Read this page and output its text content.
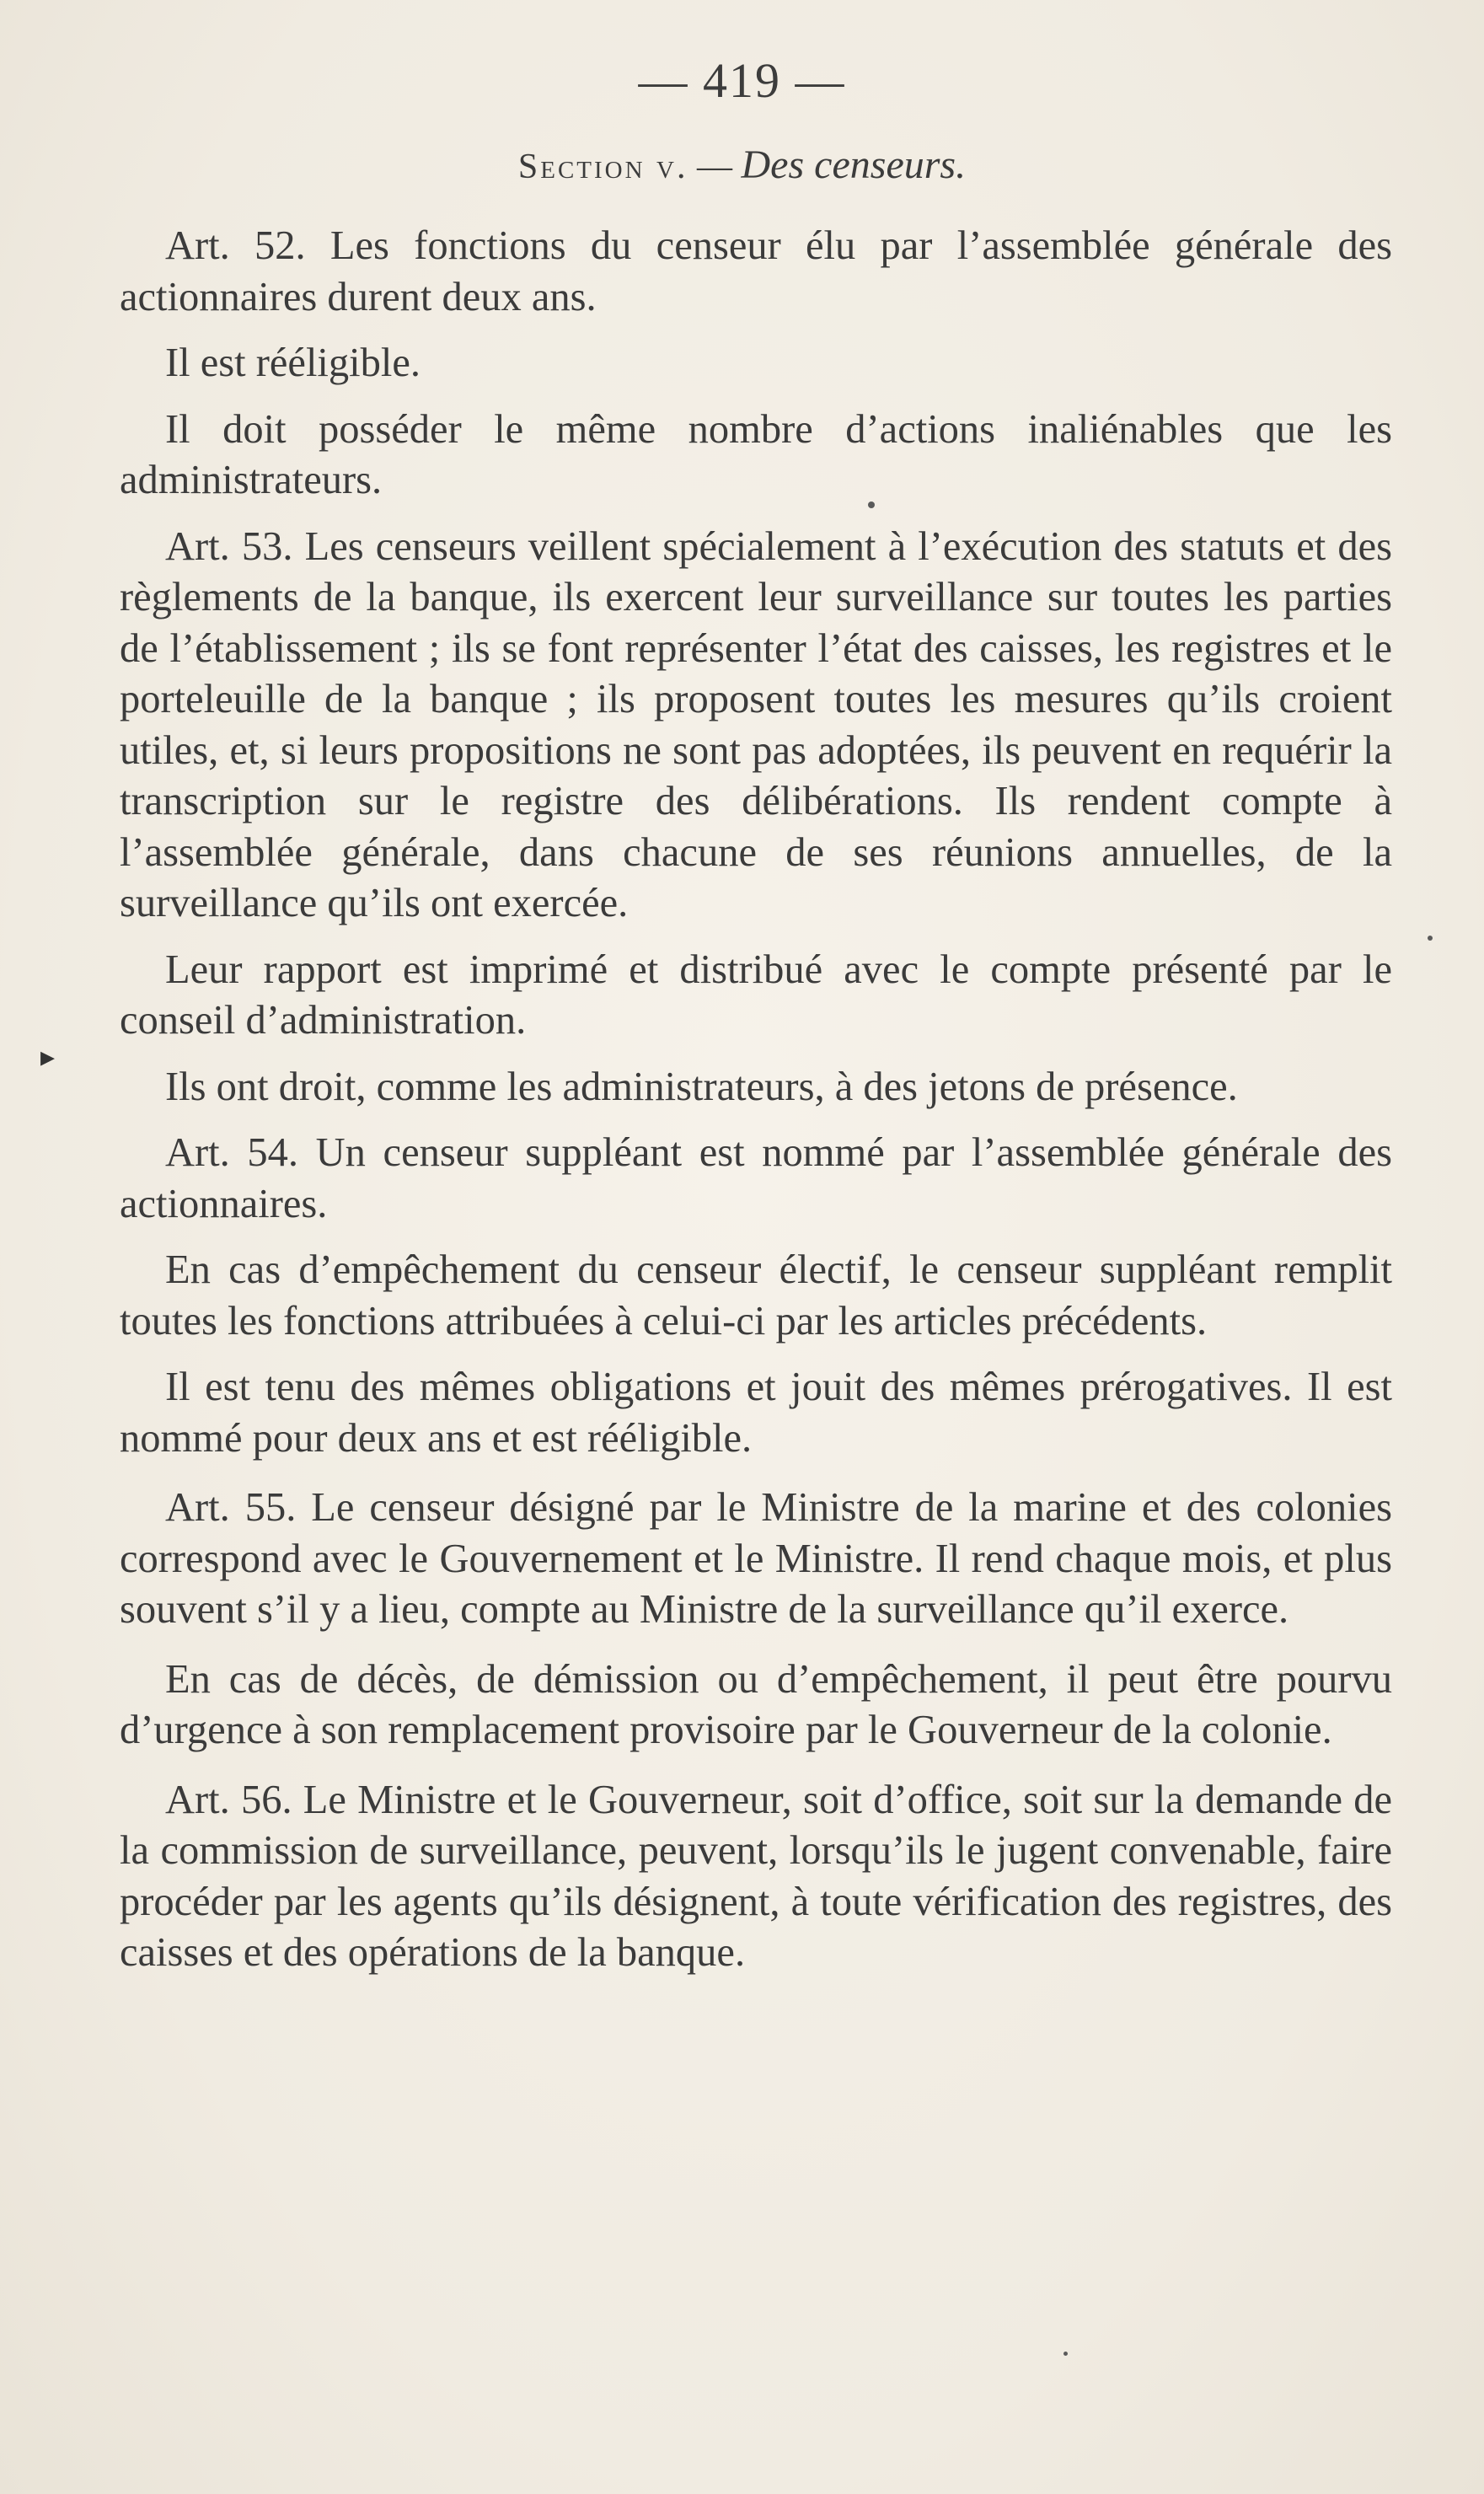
— 419 —
Section v. — Des censeurs.
▸

Art. 52. Les fonctions du censeur élu par l’assemblée générale des actionnaires durent deux ans.

Il est rééligible.

Il doit posséder le même nombre d’actions inaliénables que les administrateurs.

Art. 53. Les censeurs veillent spécialement à l’exécution des statuts et des règlements de la banque, ils exercent leur surveillance sur toutes les parties de l’établissement ; ils se font représenter l’état des caisses, les registres et le porteleuille de la banque ; ils proposent toutes les mesures qu’ils croient utiles, et, si leurs propositions ne sont pas adoptées, ils peuvent en requérir la transcription sur le registre des délibérations. Ils rendent compte à l’assemblée générale, dans chacune de ses réunions annuelles, de la surveillance qu’ils ont exercée.

Leur rapport est imprimé et distribué avec le compte présenté par le conseil d’administration.

Ils ont droit, comme les administrateurs, à des jetons de présence.

Art. 54. Un censeur suppléant est nommé par l’assemblée générale des actionnaires.

En cas d’empêchement du censeur électif, le censeur suppléant remplit toutes les fonctions attribuées à celui-ci par les articles précédents.

Il est tenu des mêmes obligations et jouit des mêmes prérogatives. Il est nommé pour deux ans et est rééligible.

Art. 55. Le censeur désigné par le Ministre de la marine et des colonies correspond avec le Gouvernement et le Ministre. Il rend chaque mois, et plus souvent s’il y a lieu, compte au Ministre de la surveillance qu’il exerce.

En cas de décès, de démission ou d’empêchement, il peut être pourvu d’urgence à son remplacement provisoire par le Gouverneur de la colonie.

Art. 56. Le Ministre et le Gouverneur, soit d’office, soit sur la demande de la commission de surveillance, peuvent, lorsqu’ils le jugent convenable, faire procéder par les agents qu’ils désignent, à toute vérification des registres, des caisses et des opérations de la banque.
